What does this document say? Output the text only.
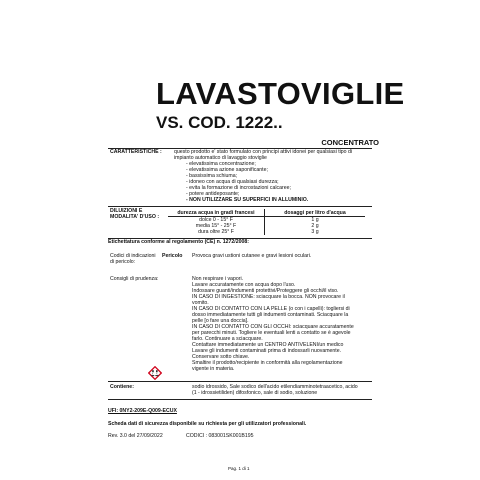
LAVASTOVIGLIE
VS. COD. 1222..
CONCENTRATO
CARATTERISTICHE : questo prodotto e' stato formulato con principi attivi idonei per qualsiasi tipo di
impianto automatico di lavaggio stoviglie
- elevatissima concentrazione;
- elevatissima azione saponificante;
- bassissima schiuma;
- idoneo con acqua di qualsiasi durezza;
- evita la formazione di incrostazioni calcaree;
- potere antideposante;
- NON UTILIZZARE SU SUPERFICI IN ALLUMINIO.
DILUIZIONI E
MODALITA' D'USO :
durezza acqua in gradi francesi	dosaggi per litro d'acqua
dolce 0 - 15° F	1 g
media 15° - 25° F	2 g
dura oltre 25° F	3 g
Etichettatura conforme al regolamento (CE) n. 1272/2008:
Codici di indicazioni
di pericolo:
Pericolo Provoca gravi ustioni cutanee e gravi lesioni oculari.
Consigli di prudenza:	Non respirare i vapori.
Lavare accuratamente con acqua dopo l'uso.
Indossare guanti/indumenti protettivi/Proteggere gli occhi/il viso.
IN CASO DI INGESTIONE: sciacquare la bocca. NON provocare il
vomito.
IN CASO DI CONTATTO CON LA PELLE (o con i capelli): togliersi di
dosso immediatamente tutti gli indumenti contaminati. Sciacquare la
pelle [o fare una doccia].
IN CASO DI CONTATTO CON GLI OCCHI: sciacquare accuratamente
per parecchi minuti. Togliere le eventuali lenti a contatto se è agevole
farlo. Continuare a sciacquare.
Contattare immediatamente un CENTRO ANTIVELENI/un medico
Lavare gli indumenti contaminati prima di indossarli nuovamente.
Conservare sotto chiave.
Smaltire il prodotto/recipiente in conformità alla regolamentazione
vigente in materia.
Contiene:	sodio idrossido, Sale sodico dell'acido etilendiamminotetraacetico, acido
(1 - idrossietiliden) difosfonico, sale di sodio, soluzione
UFI: 0NY2-209E-Q009-ECUX
Scheda dati di sicurezza disponibile su richiesta per gli utilizzatori professionali.
Rev. 3.0 del 27/09/2022	CODICI : 083001SK001B195
Pag. 1 di 1
